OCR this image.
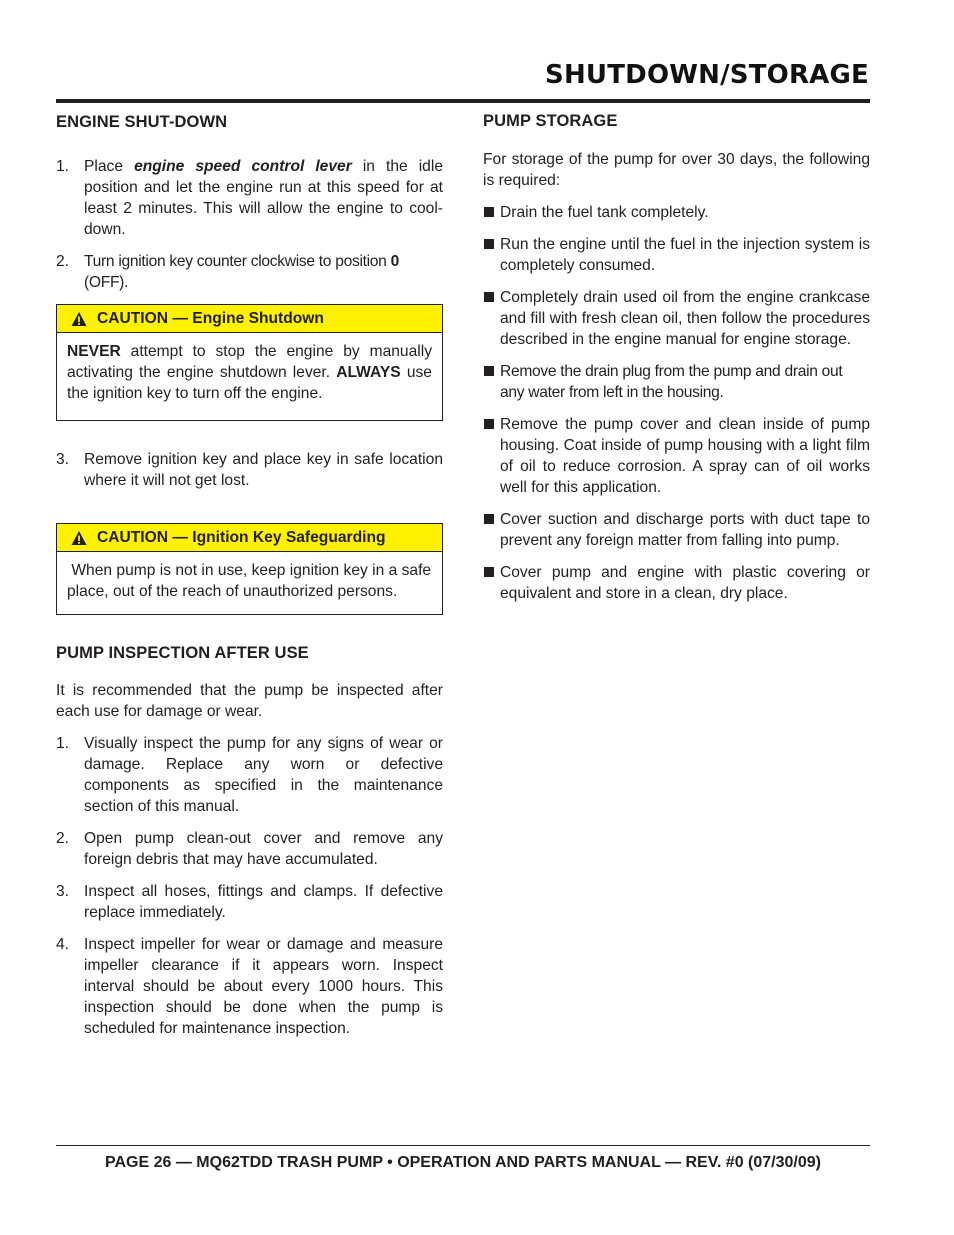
SHUTDOWN/STORAGE
ENGINE SHUT-DOWN
1. Place engine speed control lever in the idle position and let the engine run at this speed for at least 2 minutes. This will allow the engine to cool-down.
2. Turn ignition key counter clockwise to position 0 (OFF).
CAUTION — Engine Shutdown
NEVER attempt to stop the engine by manually activating the engine shutdown lever. ALWAYS use the ignition key to turn off the engine.
3. Remove ignition key and place key in safe location where it will not get lost.
CAUTION — Ignition Key Safeguarding
When pump is not in use, keep ignition key in a safe place, out of the reach of unauthorized persons.
PUMP INSPECTION AFTER USE

It is recommended that the pump be inspected after each use for damage or wear.

1. Visually inspect the pump for any signs of wear or damage. Replace any worn or defective components as specified in the maintenance section of this manual.
2. Open pump clean-out cover and remove any foreign debris that may have accumulated.
3. Inspect all hoses, fittings and clamps. If defective replace immediately.
4. Inspect impeller for wear or damage and measure impeller clearance if it appears worn. Inspect interval should be about every 1000 hours. This inspection should be done when the pump is scheduled for maintenance inspection.
PUMP STORAGE

For storage of the pump for over 30 days, the following is required:

Drain the fuel tank completely.
Run the engine until the fuel in the injection system is completely consumed.
Completely drain used oil from the engine crankcase and fill with fresh clean oil, then follow the procedures described in the engine manual for engine storage.
Remove the drain plug from the pump and drain out any water from left in the housing.
Remove the pump cover and clean inside of pump housing. Coat inside of pump housing with a light film of oil to reduce corrosion. A spray can of oil works well for this application.
Cover suction and discharge ports with duct tape to prevent any foreign matter from falling into pump.
Cover pump and engine with plastic covering or equivalent and store in a clean, dry place.
PAGE 26 — MQ62TDD TRASH PUMP • OPERATION AND PARTS MANUAL — REV. #0 (07/30/09)
